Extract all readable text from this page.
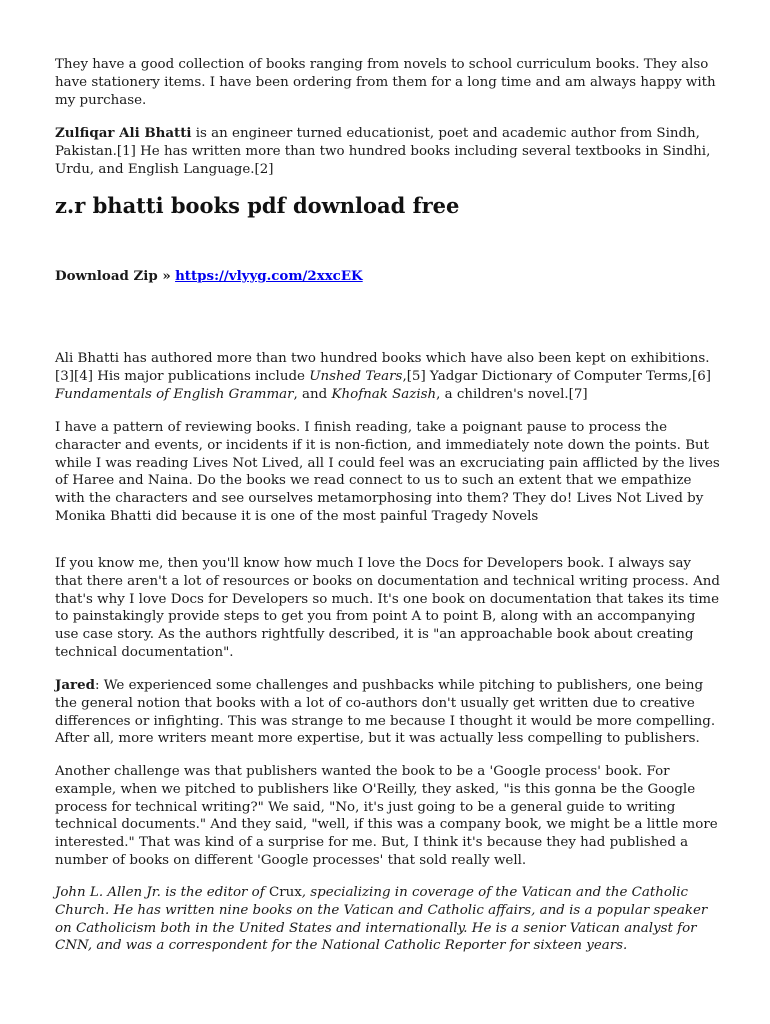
They have a good collection of books ranging from novels to school curriculum books. They also have stationery items. I have been ordering from them for a long time and am always happy with my purchase.

Zulfiqar Ali Bhatti is an engineer turned educationist, poet and academic author from Sindh, Pakistan.[1] He has written more than two hundred books including several textbooks in Sindhi, Urdu, and English Language.[2]

z.r bhatti books pdf download free

Download Zip » https://vlyyg.com/2xxcEK

Ali Bhatti has authored more than two hundred books which have also been kept on exhibitions.[3][4] His major publications include Unshed Tears,[5] Yadgar Dictionary of Computer Terms,[6] Fundamentals of English Grammar, and Khofnak Sazish, a children's novel.[7]

I have a pattern of reviewing books. I finish reading, take a poignant pause to process the character and events, or incidents if it is non-fiction, and immediately note down the points. But while I was reading Lives Not Lived, all I could feel was an excruciating pain afflicted by the lives of Haree and Naina. Do the books we read connect to us to such an extent that we empathize with the characters and see ourselves metamorphosing into them? They do! Lives Not Lived by Monika Bhatti did because it is one of the most painful Tragedy Novels

If you know me, then you'll know how much I love the Docs for Developers book. I always say that there aren't a lot of resources or books on documentation and technical writing process. And that's why I love Docs for Developers so much. It's one book on documentation that takes its time to painstakingly provide steps to get you from point A to point B, along with an accompanying use case story. As the authors rightfully described, it is "an approachable book about creating technical documentation".

Jared: We experienced some challenges and pushbacks while pitching to publishers, one being the general notion that books with a lot of co-authors don't usually get written due to creative differences or infighting. This was strange to me because I thought it would be more compelling. After all, more writers meant more expertise, but it was actually less compelling to publishers.

Another challenge was that publishers wanted the book to be a 'Google process' book. For example, when we pitched to publishers like O'Reilly, they asked, "is this gonna be the Google process for technical writing?" We said, "No, it's just going to be a general guide to writing technical documents." And they said, "well, if this was a company book, we might be a little more interested." That was kind of a surprise for me. But, I think it's because they had published a number of books on different 'Google processes' that sold really well.

John L. Allen Jr. is the editor of Crux, specializing in coverage of the Vatican and the Catholic Church. He has written nine books on the Vatican and Catholic affairs, and is a popular speaker on Catholicism both in the United States and internationally. He is a senior Vatican analyst for CNN, and was a correspondent for the National Catholic Reporter for sixteen years.
